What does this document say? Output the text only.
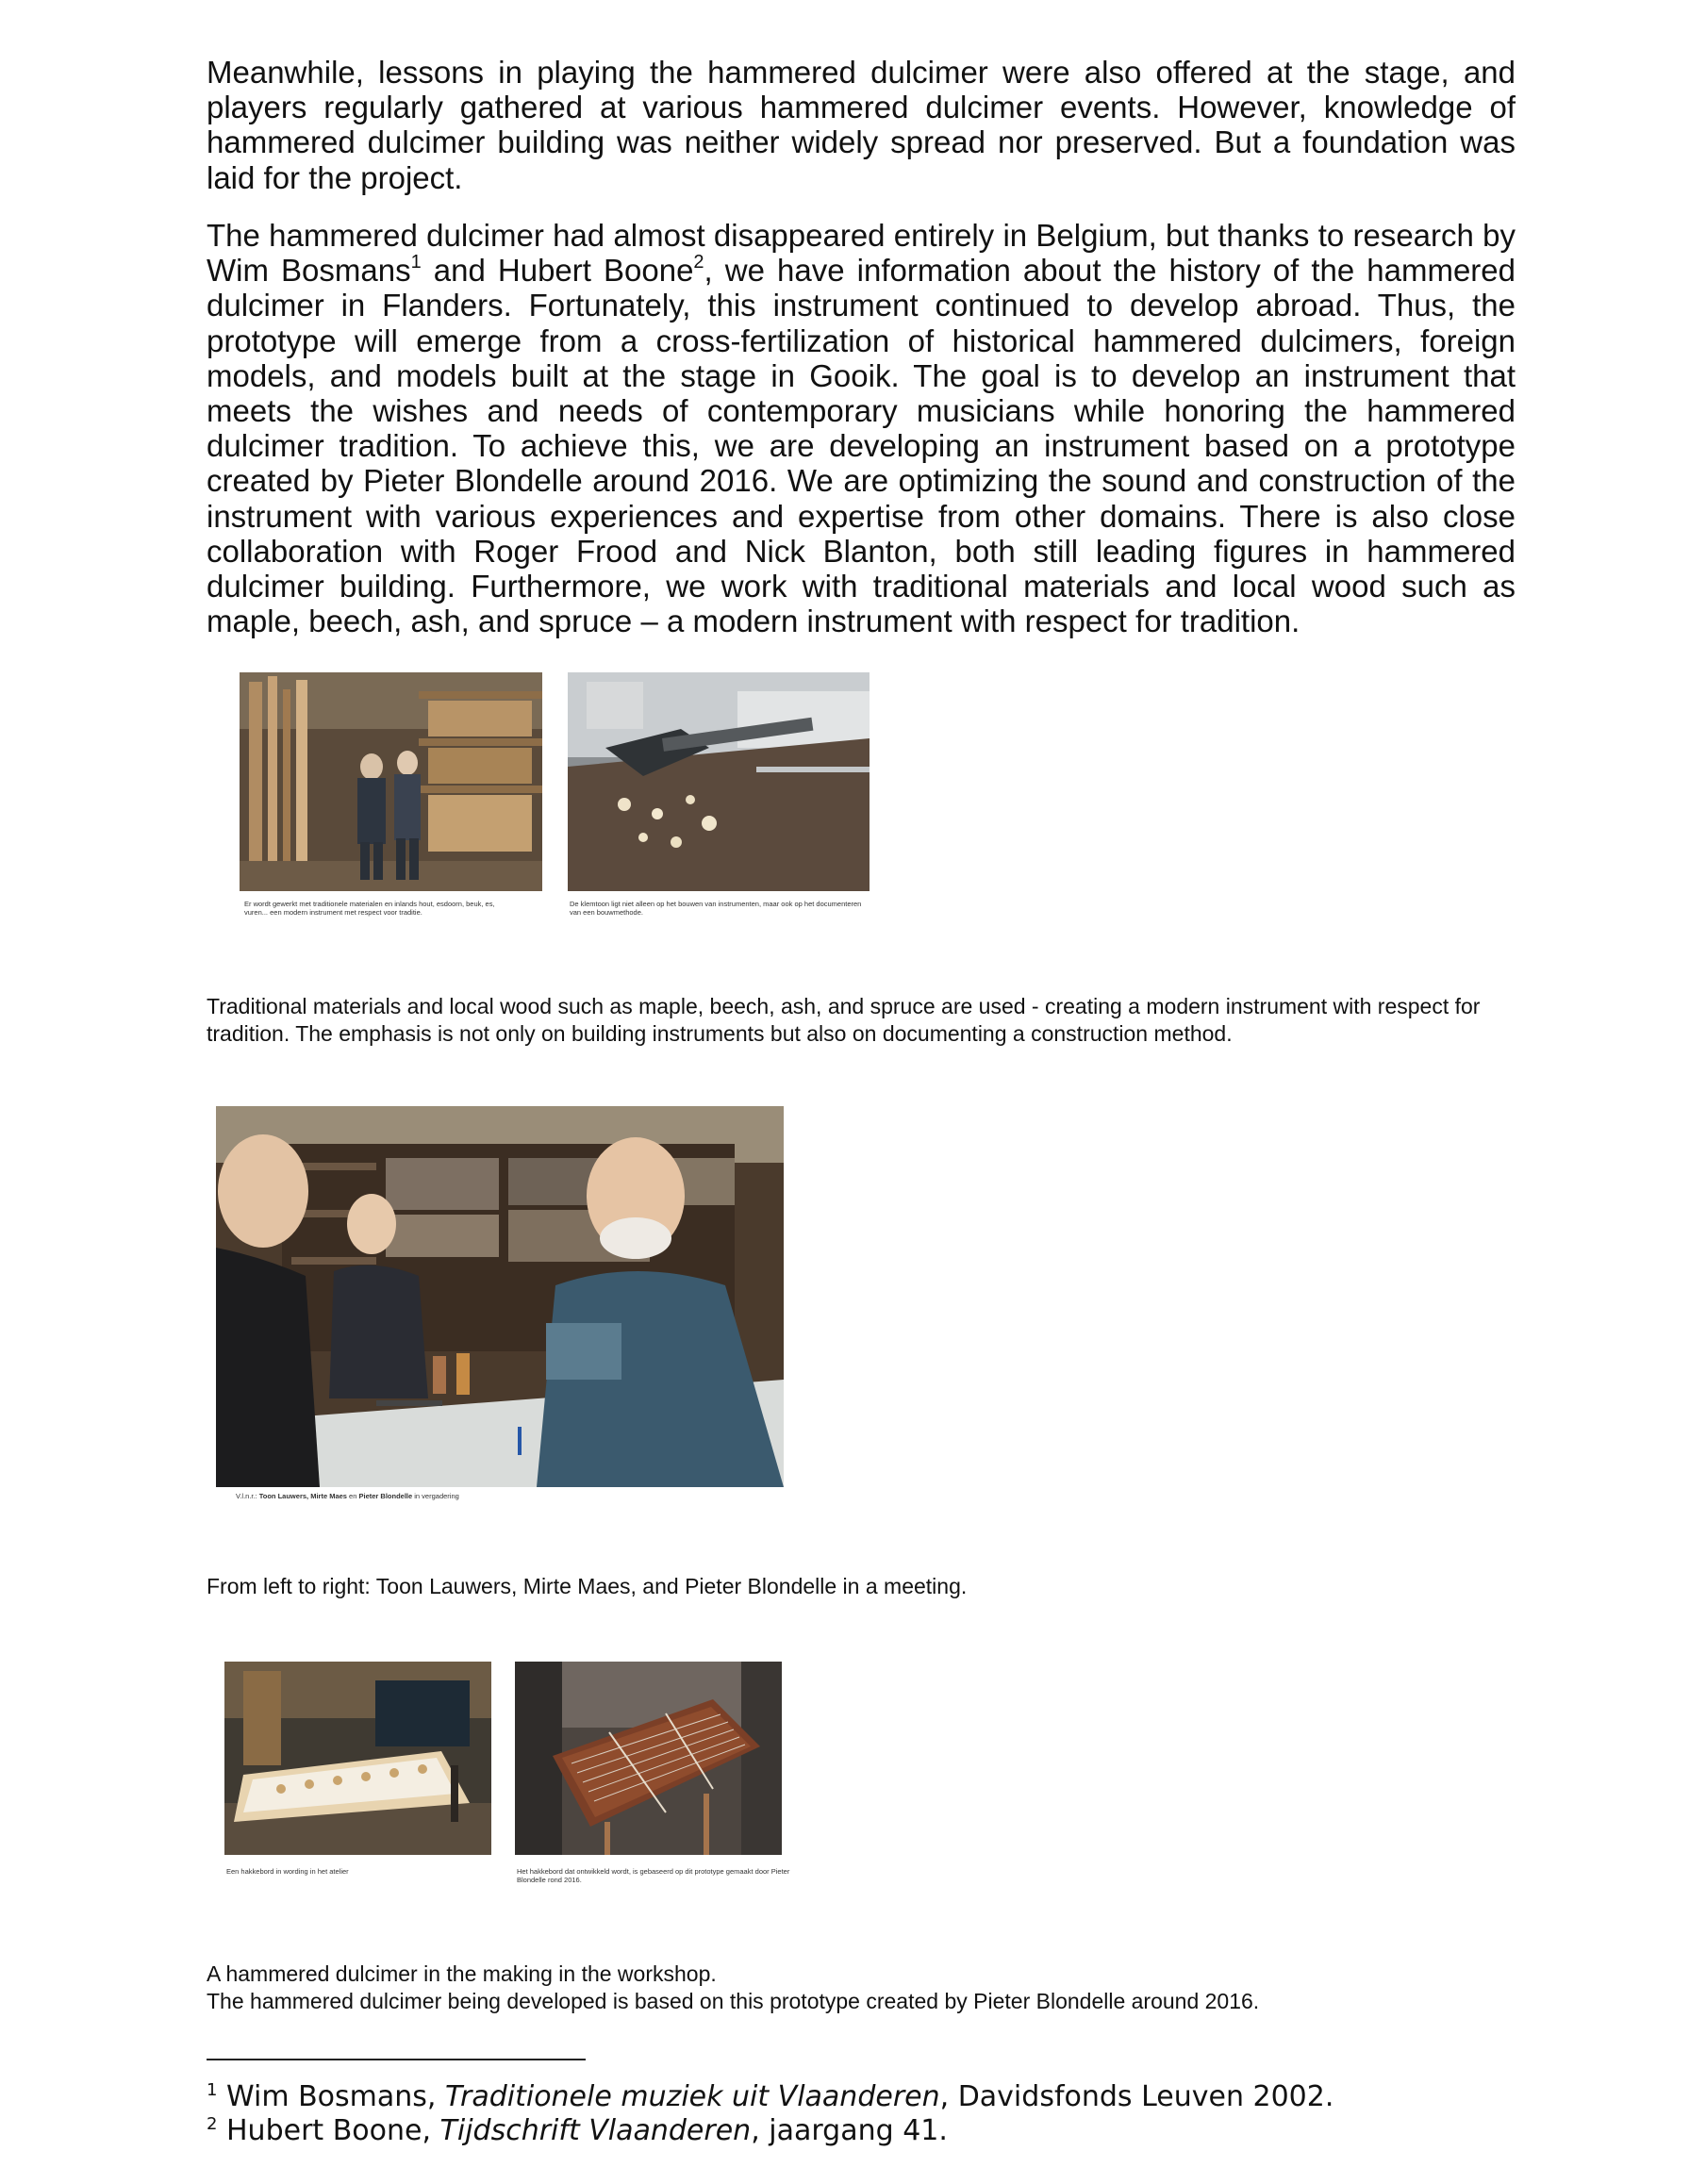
Meanwhile, lessons in playing the hammered dulcimer were also offered at the stage, and players regularly gathered at various hammered dulcimer events. However, knowledge of hammered dulcimer building was neither widely spread nor preserved. But a foundation was laid for the project.

The hammered dulcimer had almost disappeared entirely in Belgium, but thanks to research by Wim Bosmans$^1$ and Hubert Boone$^2$, we have information about the history of the hammered dulcimer in Flanders. Fortunately, this instrument continued to develop abroad. Thus, the prototype will emerge from a cross-fertilization of historical hammered dulcimers, foreign models, and models built at the stage in Gooik. The goal is to develop an instrument that meets the wishes and needs of contemporary musicians while honoring the hammered dulcimer tradition. To achieve this, we are developing an instrument based on a prototype created by Pieter Blondelle around 2016. We are optimizing the sound and construction of the instrument with various experiences and expertise from other domains. There is also close collaboration with Roger Frood and Nick Blanton, both still leading figures in hammered dulcimer building. Furthermore, we work with traditional materials and local wood such as maple, beech, ash, and spruce – a modern instrument with respect for tradition.

Er wordt gewerkt met traditionele materialen en inlands hout, esdoorn, beuk, es, vuren... een modern instrument met respect voor traditie.
De klemtoon ligt niet alleen op het bouwen van instrumenten, maar ook op het documenteren van een bouwmethode.

Traditional materials and local wood such as maple, beech, ash, and spruce are used - creating a modern instrument with respect for tradition. The emphasis is not only on building instruments but also on documenting a construction method.

V.l.n.r.: Toon Lauwers, Mirte Maes en Pieter Blondelle in vergadering

From left to right: Toon Lauwers, Mirte Maes, and Pieter Blondelle in a meeting.

Een hakkebord in wording in het atelier	Het hakkebord dat ontwikkeld wordt, is gebaseerd op dit prototype gemaakt door Pieter Blondelle rond 2016.

A hammered dulcimer in the making in the workshop.
The hammered dulcimer being developed is based on this prototype created by Pieter Blondelle around 2016.

$^1$ Wim Bosmans, Traditionele muziek uit Vlaanderen, Davidsfonds Leuven 2002.

$^2$ Hubert Boone, Tijdschrift Vlaanderen, jaargang 41.
